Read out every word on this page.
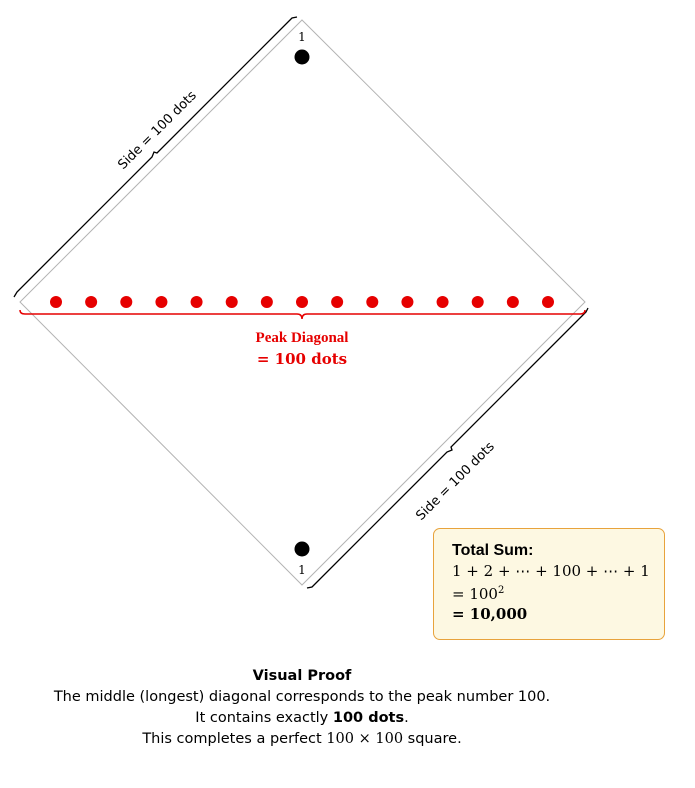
Side = 100 dots
Side = 100 dots
1
1
Peak Diagonal
= 100 dots
Total Sum:
1 + 2 + ⋯ + 100 + ⋯ + 1
= $100^2$
= 10,000
Visual Proof
The middle (longest) diagonal corresponds to the peak number 100.
It contains exactly 100 dots.
This completes a perfect 100 × 100 square.
